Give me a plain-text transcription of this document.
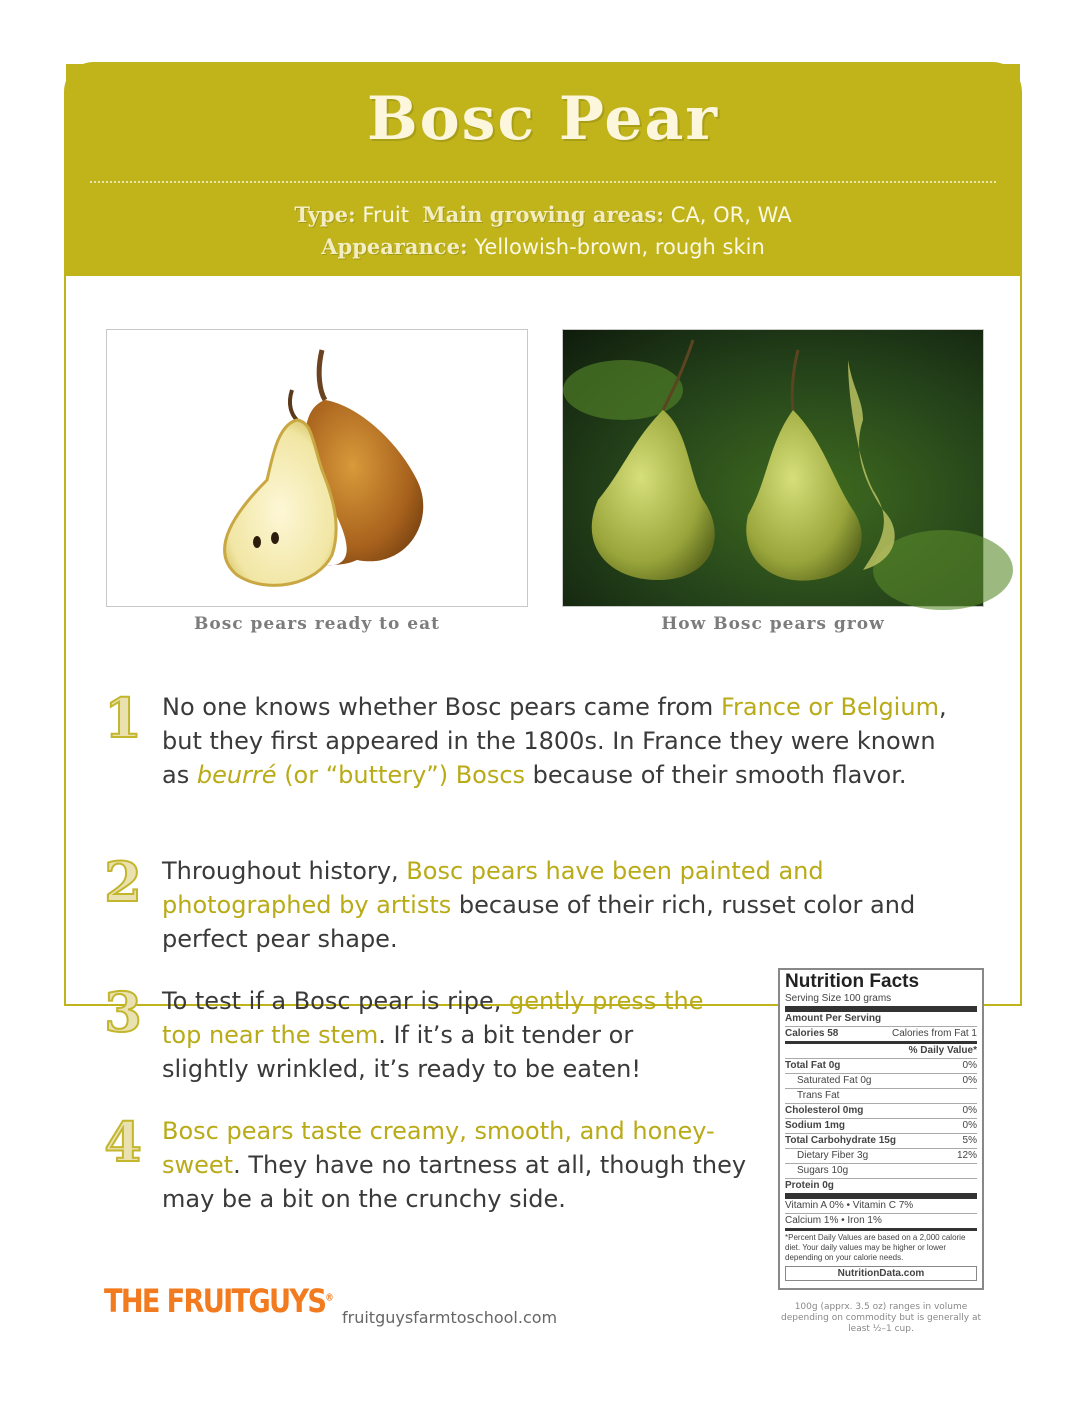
Bosc Pear
Type: Fruit Main growing areas: CA, OR, WA
Appearance: Yellowish-brown, rough skin
Bosc pears ready to eat	How Bosc pears grow
1 No one knows whether Bosc pears came from France or Belgium, but they first appeared in the 1800s. In France they were known as beurré (or “buttery”) Boscs because of their smooth flavor.
2 Throughout history, Bosc pears have been painted and photographed by artists because of their rich, russet color and perfect pear shape.
3 To test if a Bosc pear is ripe, gently press the top near the stem. If it’s a bit tender or slightly wrinkled, it’s ready to be eaten!
4 Bosc pears taste creamy, smooth, and honey-sweet. They have no tartness at all, though they may be a bit on the crunchy side.
Nutrition Facts
Serving Size 100 grams
Amount Per Serving
Calories 58	Calories from Fat 1
% Daily Value*
Total Fat 0g	0%
Saturated Fat 0g	0%
Trans Fat
Cholesterol 0mg	0%
Sodium 1mg	0%
Total Carbohydrate 15g	5%
Dietary Fiber 3g	12%
Sugars 10g
Protein 0g
Vitamin A 0% • Vitamin C 7%
Calcium 1% • Iron 1%
*Percent Daily Values are based on a 2,000 calorie diet. Your daily values may be higher or lower depending on your calorie needs.
NutritionData.com
100g (apprx. 3.5 oz) ranges in volume depending on commodity but is generally at least ½–1 cup.
THE FRUITGUYS®
fruitguysfarmtoschool.com
